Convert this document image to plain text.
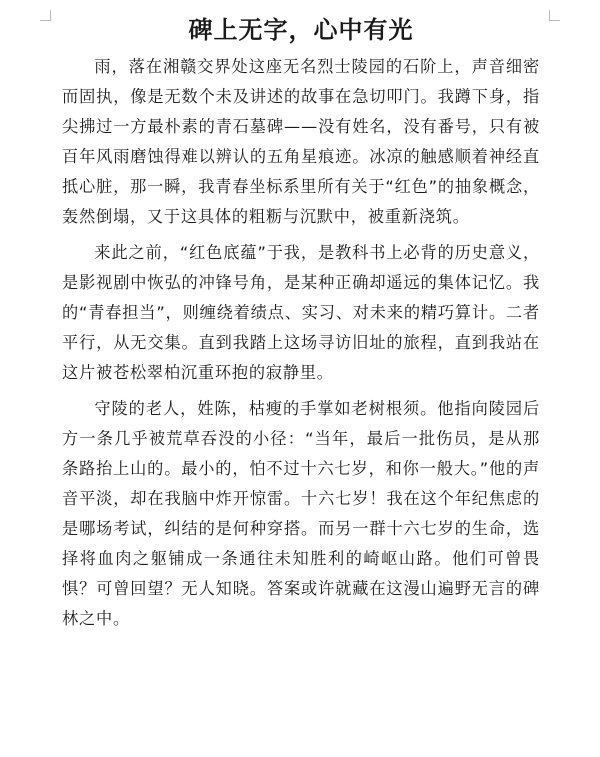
碑上无字，心中有光

雨，落在湘赣交界处这座无名烈士陵园的石阶上，声音细密而固执，像是无数个未及讲述的故事在急切叩门。我蹲下身，指尖拂过一方最朴素的青石墓碑——没有姓名，没有番号，只有被百年风雨磨蚀得难以辨认的五角星痕迹。冰凉的触感顺着神经直抵心脏，那一瞬，我青春坐标系里所有关于“红色”的抽象概念，轰然倒塌，又于这具体的粗粝与沉默中，被重新浇筑。

来此之前，“红色底蕴”于我，是教科书上必背的历史意义，是影视剧中恢弘的冲锋号角，是某种正确却遥远的集体记忆。我的“青春担当”，则缠绕着绩点、实习、对未来的精巧算计。二者平行，从无交集。直到我踏上这场寻访旧址的旅程，直到我站在这片被苍松翠柏沉重环抱的寂静里。

守陵的老人，姓陈，枯瘦的手掌如老树根须。他指向陵园后方一条几乎被荒草吞没的小径：“当年，最后一批伤员，是从那条路抬上山的。最小的，怕不过十六七岁，和你一般大。”他的声音平淡，却在我脑中炸开惊雷。十六七岁！我在这个年纪焦虑的是哪场考试，纠结的是何种穿搭。而另一群十六七岁的生命，选择将血肉之躯铺成一条通往未知胜利的崎岖山路。他们可曾畏惧？可曾回望？无人知晓。答案或许就藏在这漫山遍野无言的碑林之中。
